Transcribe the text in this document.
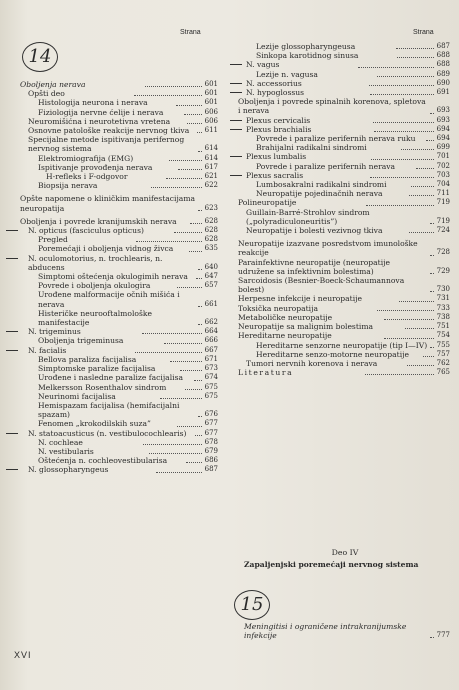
Strana
14
Oboljenja nerava	601
Opšti deo	601
Histologija neurona i nerava	601
Fiziologija nervne ćelije i nerava	606
Neuromišićna i neurotetivna vretena	606
Osnovne patološke reakcije nervnog tkiva	611
Specijalne metode ispitivanja perifernog nervnog sistema	614
Elektromiografija (EMG)	614
Ispitivanje provođenja nerava	617
H-refleks i F-odgovor	621
Biopsija nerava	622
Opšte napomene o kliničkim manifestacijama neuropatija	623
Oboljenja i povrede kranijumskih nerava	628
N. opticus (fasciculus opticus)	628
Pregled	628
Poremećaji i oboljenja vidnog živca	635
N. oculomotorius, n. trochlearis, n. abducens	640
Simptomi oštećenja okulogimih nerava	647
Povrede i oboljenja okulogira	657
Urođene malformacije očnih mišića i nerava	661
Histeričke neurooftalmološke manifestacije	662
N. trigeminus	664
Oboljenja trigeminusa	666
N. facialis	667
Bellova paraliza facijalisa	671
Simptomske paralize facijalisa	673
Urođene i nasledne paralize facijalisa	674
Melkersson Rosenthalov sindrom	675
Neurinomi facijalisa	675
Hemispazam facijalisa (hemifacijalni spazam)	676
Fenomen „krokodilskih suza”	677
N. statoacusticus (n. vestibulocochlearis)	677
N. cochleae	678
N. vestibularis	679
Oštećenja n. cochleovestibularisa	686
N. glossopharyngeus	687
Strana
Lezije glossopharyngeusa	687
Sinkopa karotidnog sinusa	688
N. vagus	688
Lezije n. vagusa	689
N. accessorius	690
N. hypoglossus	691
Oboljenja i povrede spinalnih korenova, spletova i nerava	693
Plexus cervicalis	693
Plexus brachialis	694
Povrede i paralize perifernih nerava ruku	694
Brahijalni radikalni sindromi	699
Plexus lumbalis	701
Povrede i paralize perifernih nerava	702
Plexus sacralis	703
Lumbosakralni radikalni sindromi	704
Neuropatije pojedinačnih nerava	711
Polineuropatije	719
Guillain-Barré-Strohlov sindrom („polyradiculoneuritis”)	719
Neuropatije i bolesti vezivnog tkiva	724
Neuropatije izazvane posredstvom imunološke reakcije	728
Parainfektivne neuropatije (neuropatije udružene sa infektivnim bolestima)	729
Sarcoidosis (Besnier-Boeck-Schaumannova bolest)	730
Herpesne infekcije i neuropatije	731
Toksička neuropatija	733
Metaboličke neuropatije	738
Neuropatije sa malignim bolestima	751
Hereditarne neuropatije	754
Hereditarne senzorne neuropatije (tip I—IV) 755
Hereditarne senzo-motorne neuropatije	757
Tumori nervnih korenova i nerava	762
Literatura	765
Deo IV
Zapaljenjski poremećaji nervnog sistema
15
Meningitisi i ograničene intrakranijumske infekcije	777
XVI
